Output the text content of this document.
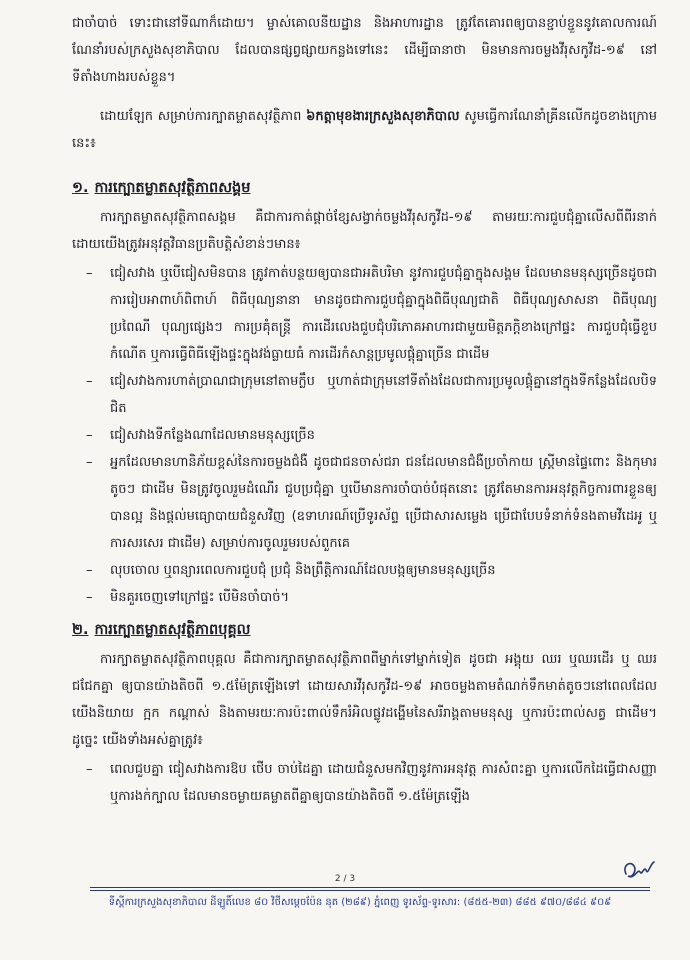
ជាចាំបាច់ ទោះជានៅទីណាក៏ដោយ។ ម្ចាស់គោលនីយដ្ឋាន និងអាហារដ្ឋាន ត្រូវតែគោរពឲ្យបានខ្ជាប់ខ្ជួននូវគោលការណ៍ណែនាំរបស់ក្រសួងសុខាភិបាល ដែលបានផ្សព្វផ្សាយកន្លងទៅនេះ ដើម្បីធានាថា មិនមានការចម្លងវីរុសកូវីដ-១៩ នៅទីតាំងហាងរបស់ខ្លួន។

ដោយឡែក សម្រាប់ការក្បាតម្លាតសុវត្ថិភាព ៦កត្តាមុខងារក្រសួងសុខាភិបាល សូមធ្វើការណែនាំគ្រីនលើកដូចខាងក្រោមនេះ៖

១. ការក្បោតម្លាតសុវត្ថិភាពសង្គម

ការក្បាតម្លាតសុវត្ថិភាពសង្គម គឺជាការកាត់ផ្តាច់ខ្សែសង្វាក់ចម្លងវីរុសកូវីដ-១៩ តាមរយៈការជួបជុំគ្នាលើសពីពីរនាក់ ដោយយើងត្រូវអនុវត្តវិធានប្រតិបត្តិសំខាន់ៗមាន៖

– ជៀសវាង ឬបើជៀសមិនបាន ត្រូវកាត់បន្ថយឲ្យបានជាអតិបរិមា នូវការជួបជុំគ្នាក្នុងសង្គម ដែលមានមនុស្សច្រើនដូចជា ការរៀបអាពាហ៍ពិពាហ៍ ពិធីបុណ្យនានា មានដូចជាការជួបជុំគ្នាក្នុងពិធីបុណ្យជាតិ ពិធីបុណ្យសាសនា ពិធីបុណ្យប្រពៃណី បុណ្យផ្សេងៗ ការប្រគុំតន្ត្រី ការដើរលេងជួបជុំបរិភោគអាហារជាមួយមិត្តភក្តិខាងក្រៅផ្ទះ ការជួបជុំធ្វើខួបកំណើត ឬការធ្វើពិធីឡើងផ្ទះក្នុងវង់ធ្លាយធំ ការដើរកំសាន្តប្រមូលផ្តុំគ្នាច្រើន ជាដើម
– ជៀសវាងការហាត់ប្រាណជាក្រុមនៅតាមក្លឹប ឬហាត់ជាក្រុមនៅទីតាំងដែលជាការប្រមូលផ្តុំគ្នានៅក្នុងទីកន្លែងដែលបិទជិត
– ជៀសវាងទីកន្លែងណាដែលមានមនុស្សច្រើន
– អ្នកដែលមានហានិភ័យខ្ពស់នៃការចម្លងជំងឺ ដូចជាជនចាស់ជរា ជនដែលមានជំងឺប្រចាំកាយ ស្ត្រីមានផ្ទៃពោះ និងកុមារតូចៗ ជាដើម មិនត្រូវចូលរួមដំណើរ ជួបប្រជុំគ្នា ឬបើមានការចាំបាច់បំផុតនោះ ត្រូវតែមានការអនុវត្តកិច្ចការពារខ្លួនឲ្យបានល្អ និងផ្តល់មធ្យោបាយជំនួសវិញ (ឧទាហរណ៍ប្រើទូរស័ព្ទ ប្រើជាសារសម្លេង ប្រើជាបែបទំនាក់ទំនងតាមវីដេអូ ឬការសរសេរ ជាដើម) សម្រាប់ការចូលរួមរបស់ពួកគេ
– លុបចោល ឬពន្យារពេលការជួបជុំ ប្រជុំ និងព្រឹត្តិការណ៍ដែលបង្កឲ្យមានមនុស្សច្រើន
– មិនគួរចេញទៅក្រៅផ្ទះ បើមិនចាំបាច់។
២. ការក្បោតម្លាតសុវត្ថិភាពបុគ្គល

ការក្បាតម្លាតសុវត្ថិភាពបុគ្គល គឺជាការក្បាតម្លាតសុវត្ថិភាពពីម្នាក់ទៅម្នាក់ទៀត ដូចជា អង្គុយ ឈរ ឬឈរដើរ ឬ ឈរជជែកគ្នា ឲ្យបានយ៉ាងតិចពី ១.៥ម៉ែត្រឡើងទៅ ដោយសារវីរុសកូវីដ-១៩ អាចចម្លងតាមតំណក់ទឹកមាត់តូចៗនៅពេលដែលយើងនិយាយ ក្អក កណ្តាស់ និងតាមរយៈការប៉ះពាល់ទឹករំអិលផ្លូវដង្ហើមនៃសរីរាង្គតាមមនុស្ស ឬការប៉ះពាល់សត្វ ជាដើម។ ដូច្នេះ យើងទាំងអស់គ្នាត្រូវ៖

– ពេលជួបគ្នា ជៀសវាងការឱប ថើប ចាប់ដៃគ្នា ដោយជំនួសមកវិញនូវការអនុវត្ត ការសំពះគ្នា ឬការលើកដៃធ្វើជាសញ្ញា ឬការងក់ក្បាល ដែលមានចម្ងាយគម្លាតពីគ្នាឲ្យបានយ៉ាងតិចពី ១.៥ម៉ែត្រឡើង
2 / 3
ទីស្តីការក្រសួងសុខាភិបាល ដីឡូតិ៍លេខ ៨០ វិថីសម្តេចប៉ែន នុត (២៨៩) ភ្នំពេញ ទូរស័ព្ទ-ទូរសារ: (៨៥៥-២៣) ៨៨៥ ៩៧០/៨៨៤ ៩០៩
